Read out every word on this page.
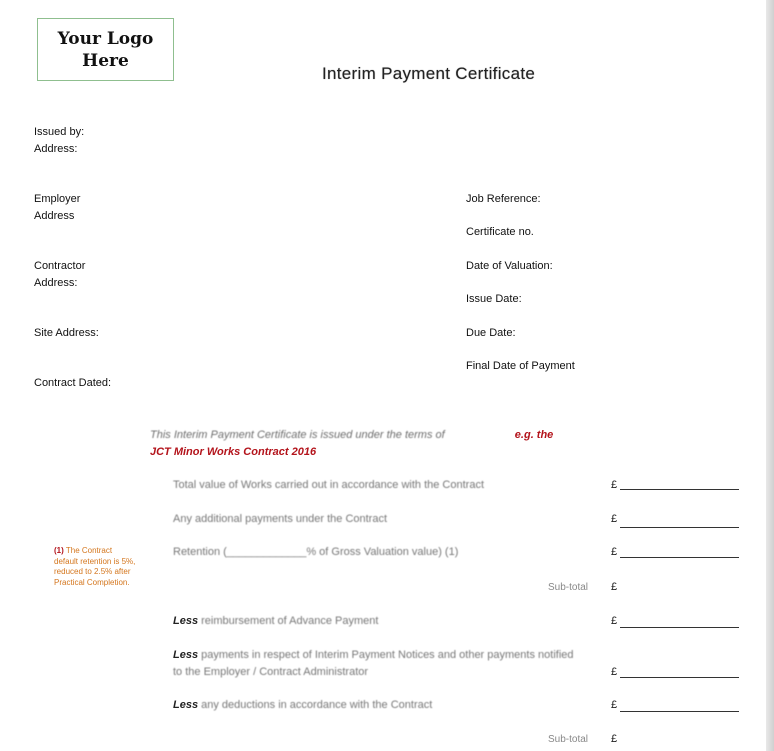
Your Logo
Here
Interim Payment Certificate
Issued by:
Address:
Employer
Address
Contractor
Address:
Site Address:
Contract Dated:
Job Reference:
Certificate no.
Date of Valuation:
Issue Date:
Due Date:
Final Date of Payment
This Interim Payment Certificate is issued under the terms of	e.g. the
JCT Minor Works Contract 2016
(1) The Contract default retention is 5%, reduced to 2.5% after Practical Completion.
Total value of Works carried out in accordance with the Contract	£
Any additional payments under the Contract	£
Retention (_____________% of Gross Valuation value) (1)	£
Sub-total £
Less reimbursement of Advance Payment	£
Less payments in respect of Interim Payment Notices and other payments notified
to the Employer / Contract Administrator	£
Less any deductions in accordance with the Contract	£
Sub-total £
